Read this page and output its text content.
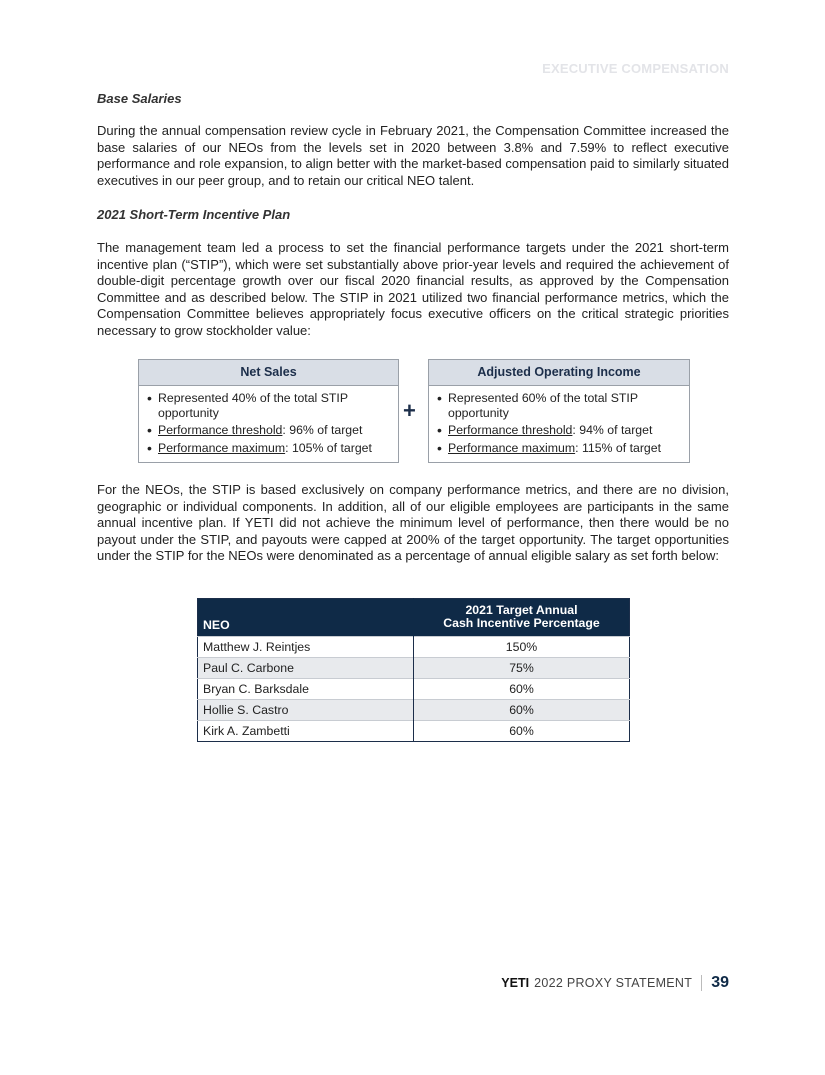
EXECUTIVE COMPENSATION
Base Salaries

During the annual compensation review cycle in February 2021, the Compensation Committee increased the base salaries of our NEOs from the levels set in 2020 between 3.8% and 7.59% to reflect executive performance and role expansion, to align better with the market-based compensation paid to similarly situated executives in our peer group, and to retain our critical NEO talent.

2021 Short-Term Incentive Plan

The management team led a process to set the financial performance targets under the 2021 short-term incentive plan (“STIP”), which were set substantially above prior-year levels and required the achievement of double-digit percentage growth over our fiscal 2020 financial results, as approved by the Compensation Committee and as described below. The STIP in 2021 utilized two financial performance metrics, which the Compensation Committee believes appropriately focus executive officers on the critical strategic priorities necessary to grow stockholder value:

Net Sales
• Represented 40% of the total STIP opportunity
• Performance threshold: 96% of target
• Performance maximum: 105% of target
+
Adjusted Operating Income
• Represented 60% of the total STIP opportunity
• Performance threshold: 94% of target
• Performance maximum: 115% of target

For the NEOs, the STIP is based exclusively on company performance metrics, and there are no division, geographic or individual components. In addition, all of our eligible employees are participants in the same annual incentive plan. If YETI did not achieve the minimum level of performance, then there would be no payout under the STIP, and payouts were capped at 200% of the target opportunity. The target opportunities under the STIP for the NEOs were denominated as a percentage of annual eligible salary as set forth below:

NEO	2021 Target Annual
Cash Incentive Percentage
Matthew J. Reintjes	150%
Paul C. Carbone	75%
Bryan C. Barksdale	60%
Hollie S. Castro	60%
Kirk A. Zambetti	60%
YETI 2022 PROXY STATEMENT 39
